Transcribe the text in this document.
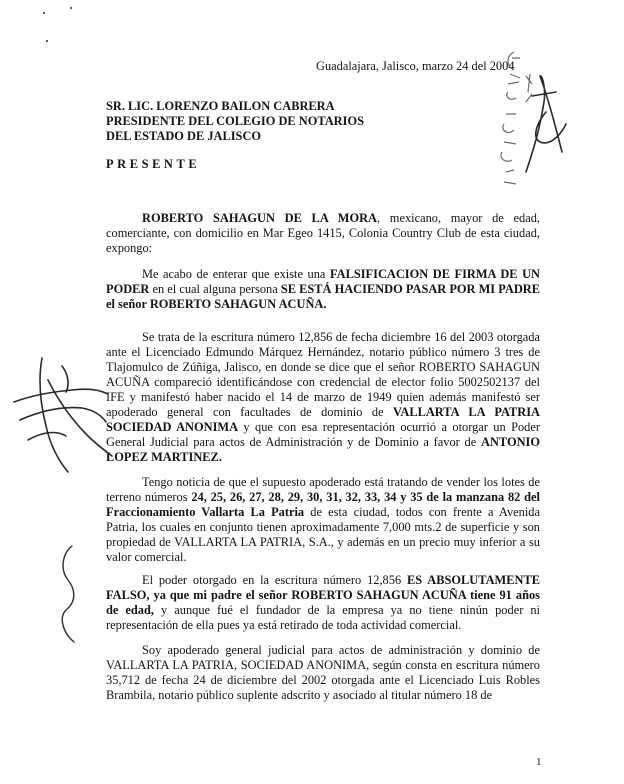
Guadalajara, Jalisco, marzo 24 del 2004
SR. LIC. LORENZO BAILON CABRERA
PRESIDENTE DEL COLEGIO DE NOTARIOS
DEL ESTADO DE JALISCO
PRESENTE

ROBERTO SAHAGUN DE LA MORA, mexicano, mayor de edad, comerciante, con domicilio en Mar Egeo 1415, Colonia Country Club de esta ciudad, expongo:

Me acabo de enterar que existe una FALSIFICACION DE FIRMA DE UN PODER en el cual alguna persona SE ESTÁ HACIENDO PASAR POR MI PADRE el señor ROBERTO SAHAGUN ACUÑA.

Se trata de la escritura número 12,856 de fecha diciembre 16 del 2003 otorgada ante el Licenciado Edmundo Márquez Hernández, notario público número 3 tres de Tlajomulco de Zúñiga, Jalisco, en donde se dice que el señor ROBERTO SAHAGUN ACUÑA compareció identificándose con credencial de elector folio 5002502137 del IFE y manifestó haber nacido el 14 de marzo de 1949 quien además manifestó ser apoderado general con facultades de dominio de VALLARTA LA PATRIA SOCIEDAD ANONIMA y que con esa representación ocurrió a otorgar un Poder General Judicial para actos de Administración y de Dominio a favor de ANTONIO LOPEZ MARTINEZ.

Tengo noticia de que el supuesto apoderado está tratando de vender los lotes de terreno números 24, 25, 26, 27, 28, 29, 30, 31, 32, 33, 34 y 35 de la manzana 82 del Fraccionamiento Vallarta La Patria de esta ciudad, todos con frente a Avenida Patria, los cuales en conjunto tienen aproximadamente 7,000 mts.2 de superficie y son propiedad de VALLARTA LA PATRIA, S.A., y además en un precio muy inferior a su valor comercial.

El poder otorgado en la escritura número 12,856 ES ABSOLUTAMENTE FALSO, ya que mi padre el señor ROBERTO SAHAGUN ACUÑA tiene 91 años de edad, y aunque fué el fundador de la empresa ya no tiene ninún poder ni representación de ella pues ya está retirado de toda actividad comercial.

Soy apoderado general judicial para actos de administración y dominio de VALLARTA LA PATRIA, SOCIEDAD ANONIMA, según consta en escritura número 35,712 de fecha 24 de diciembre del 2002 otorgada ante el Licenciado Luis Robles Brambila, notario público suplente adscrito y asociado al titular número 18 de

1
